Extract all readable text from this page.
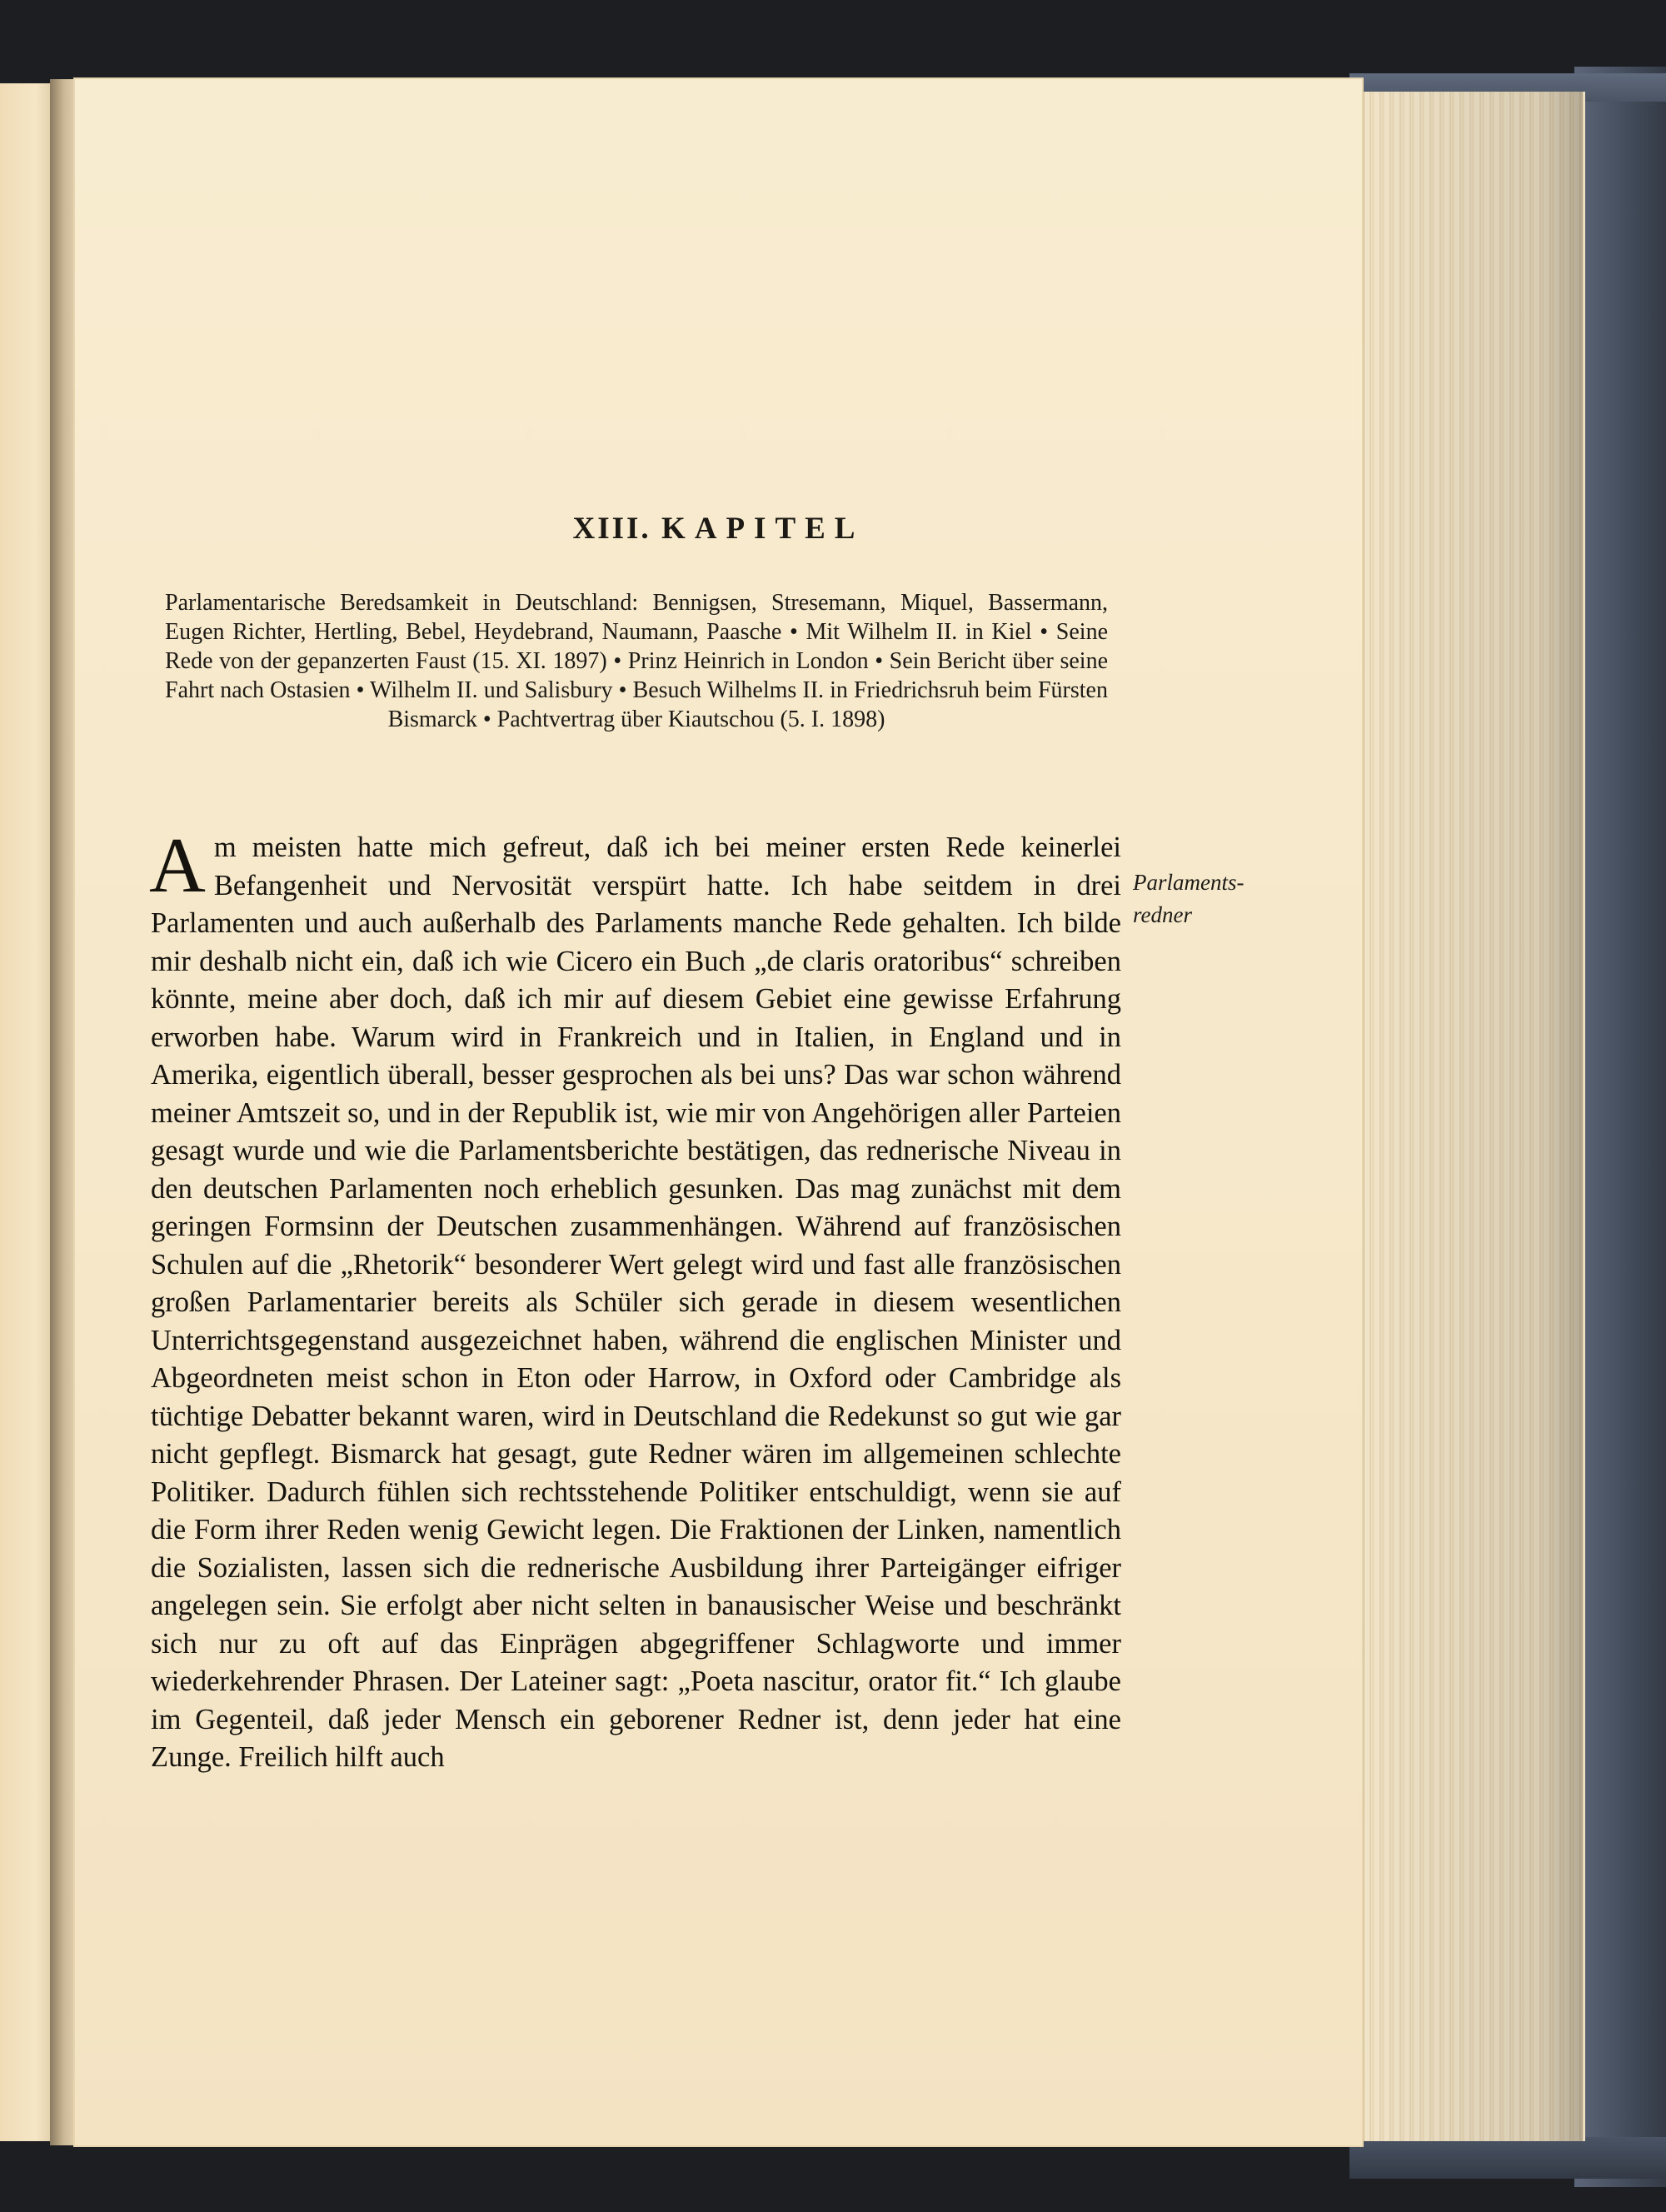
XIII. KAPITEL

Parlamentarische Beredsamkeit in Deutschland: Bennigsen, Stresemann, Miquel, Bassermann, Eugen Richter, Hertling, Bebel, Heydebrand, Naumann, Paasche • Mit Wilhelm II. in Kiel • Seine Rede von der gepanzerten Faust (15. XI. 1897) • Prinz Heinrich in London • Sein Bericht über seine Fahrt nach Ostasien • Wilhelm II. und Salisbury • Besuch Wilhelms II. in Friedrichsruh beim Fürsten Bismarck • Pachtvertrag über Kiautschou (5. I. 1898)

Parlaments-
redner

Am meisten hatte mich gefreut, daß ich bei meiner ersten Rede keinerlei Befangenheit und Nervosität verspürt hatte. Ich habe seitdem in drei Parlamenten und auch außerhalb des Parlaments manche Rede gehalten. Ich bilde mir deshalb nicht ein, daß ich wie Cicero ein Buch „de claris oratoribus“ schreiben könnte, meine aber doch, daß ich mir auf diesem Gebiet eine gewisse Erfahrung erworben habe. Warum wird in Frankreich und in Italien, in England und in Amerika, eigentlich überall, besser gesprochen als bei uns? Das war schon während meiner Amtszeit so, und in der Republik ist, wie mir von Angehörigen aller Parteien gesagt wurde und wie die Parlamentsberichte bestätigen, das rednerische Niveau in den deutschen Parlamenten noch erheblich gesunken. Das mag zunächst mit dem geringen Formsinn der Deutschen zusammenhängen. Während auf französischen Schulen auf die „Rhetorik“ besonderer Wert gelegt wird und fast alle französischen großen Parlamentarier bereits als Schüler sich gerade in diesem wesentlichen Unterrichtsgegenstand ausgezeichnet haben, während die englischen Minister und Abgeordneten meist schon in Eton oder Harrow, in Oxford oder Cambridge als tüchtige Debatter bekannt waren, wird in Deutschland die Redekunst so gut wie gar nicht gepflegt. Bismarck hat gesagt, gute Redner wären im allgemeinen schlechte Politiker. Dadurch fühlen sich rechtsstehende Politiker entschuldigt, wenn sie auf die Form ihrer Reden wenig Gewicht legen. Die Fraktionen der Linken, namentlich die Sozialisten, lassen sich die rednerische Ausbildung ihrer Parteigänger eifriger angelegen sein. Sie erfolgt aber nicht selten in banausischer Weise und beschränkt sich nur zu oft auf das Einprägen abgegriffener Schlagworte und immer wiederkehrender Phrasen. Der Lateiner sagt: „Poeta nascitur, orator fit.“ Ich glaube im Gegenteil, daß jeder Mensch ein geborener Redner ist, denn jeder hat eine Zunge. Freilich hilft auch
